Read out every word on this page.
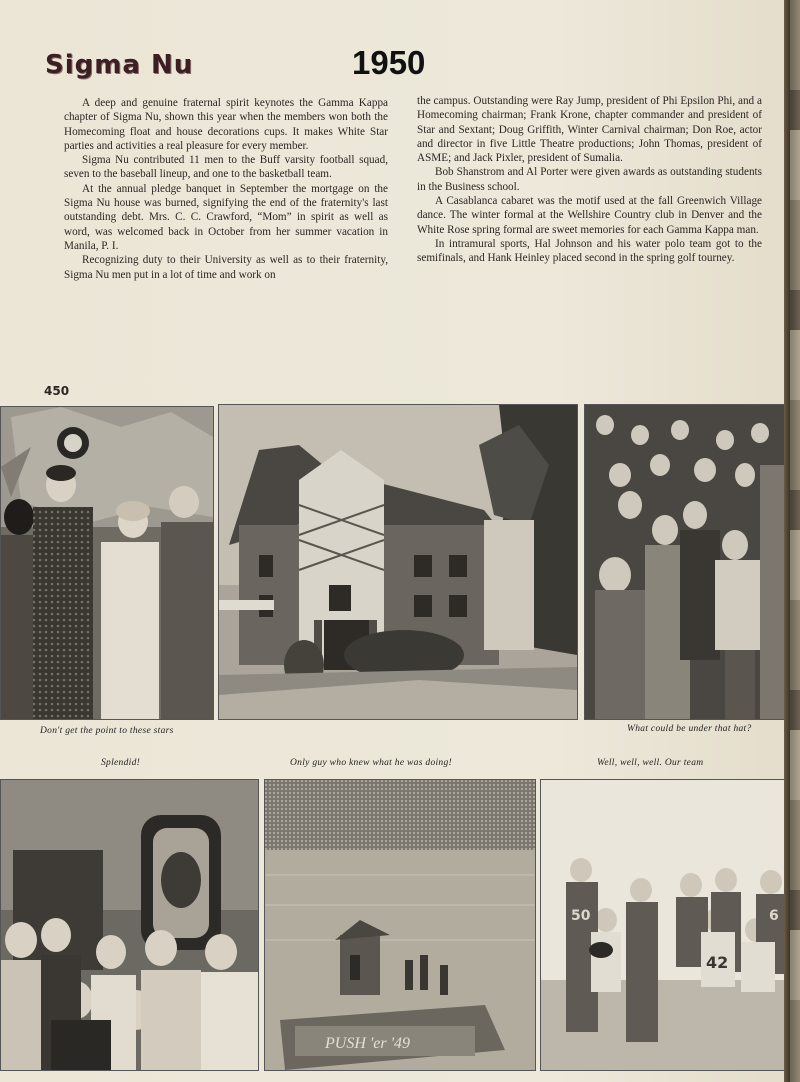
Sigma Nu	1950

A deep and genuine fraternal spirit keynotes the Gamma Kappa chapter of Sigma Nu, shown this year when the members won both the Homecoming float and house decorations cups. It makes White Star parties and activities a real pleasure for every member.

Sigma Nu contributed 11 men to the Buff varsity football squad, seven to the baseball lineup, and one to the basketball team.

At the annual pledge banquet in September the mortgage on the Sigma Nu house was burned, signifying the end of the fraternity's last outstanding debt. Mrs. C. C. Crawford, “Mom” in spirit as well as word, was welcomed back in October from her summer vacation in Manila, P. I.

Recognizing duty to their University as well as to their fraternity, Sigma Nu men put in a lot of time and work on

the campus. Outstanding were Ray Jump, president of Phi Epsilon Phi, and a Homecoming chairman; Frank Krone, chapter commander and president of Star and Sextant; Doug Griffith, Winter Carnival chairman; Don Roe, actor and director in five Little Theatre productions; John Thomas, president of ASME; and Jack Pixler, president of Sumalia.

Bob Shanstrom and Al Porter were given awards as outstanding students in the Business school.

A Casablanca cabaret was the motif used at the fall Greenwich Village dance. The winter formal at the Wellshire Country club in Denver and the White Rose spring formal are sweet memories for each Gamma Kappa man.

In intramural sports, Hal Johnson and his water polo team got to the semifinals, and Hank Heinley placed second in the spring golf tourney.

450
Don't get the point to these stars	What could be under that hat?
Splendid!	Only guy who knew what he was doing!	Well, well, well. Our team
PUSH 'er '49
50
42
6
